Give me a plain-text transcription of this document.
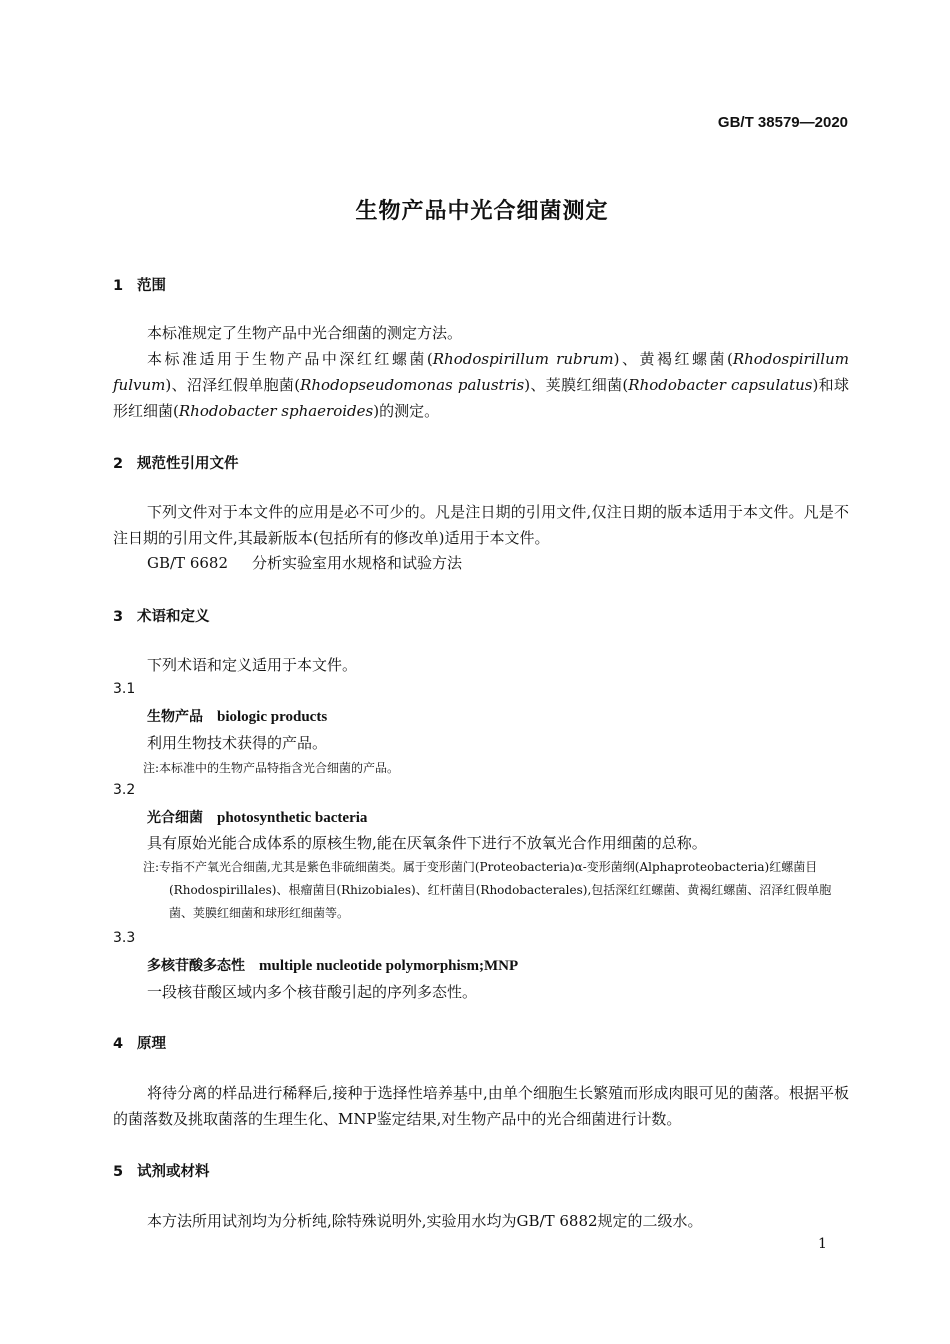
GB/T 38579—2020
生物产品中光合细菌测定
1 范围
本标准规定了生物产品中光合细菌的测定方法。
本标准适用于生物产品中深红红螺菌(Rhodospirillum rubrum)、黄褐红螺菌(Rhodospirillum fulvum)、沼泽红假单胞菌(Rhodopseudomonas palustris)、荚膜红细菌(Rhodobacter capsulatus)和球形红细菌(Rhodobacter sphaeroides)的测定。
2 规范性引用文件
下列文件对于本文件的应用是必不可少的。凡是注日期的引用文件,仅注日期的版本适用于本文件。凡是不注日期的引用文件,其最新版本(包括所有的修改单)适用于本文件。
GB/T 6682 分析实验室用水规格和试验方法
3 术语和定义
下列术语和定义适用于本文件。
3.1
生物产品 biologic products
利用生物技术获得的产品。
注:本标准中的生物产品特指含光合细菌的产品。
3.2
光合细菌 photosynthetic bacteria
具有原始光能合成体系的原核生物,能在厌氧条件下进行不放氧光合作用细菌的总称。
注:专指不产氧光合细菌,尤其是紫色非硫细菌类。属于变形菌门(Proteobacteria)α-变形菌纲(Alphaproteobacteria)红螺菌目(Rhodospirillales)、根瘤菌目(Rhizobiales)、红杆菌目(Rhodobacterales),包括深红红螺菌、黄褐红螺菌、沼泽红假单胞菌、荚膜红细菌和球形红细菌等。
3.3
多核苷酸多态性 multiple nucleotide polymorphism;MNP
一段核苷酸区域内多个核苷酸引起的序列多态性。
4 原理
将待分离的样品进行稀释后,接种于选择性培养基中,由单个细胞生长繁殖而形成肉眼可见的菌落。根据平板的菌落数及挑取菌落的生理生化、MNP鉴定结果,对生物产品中的光合细菌进行计数。
5 试剂或材料
本方法所用试剂均为分析纯,除特殊说明外,实验用水均为GB/T 6882规定的二级水。
1
